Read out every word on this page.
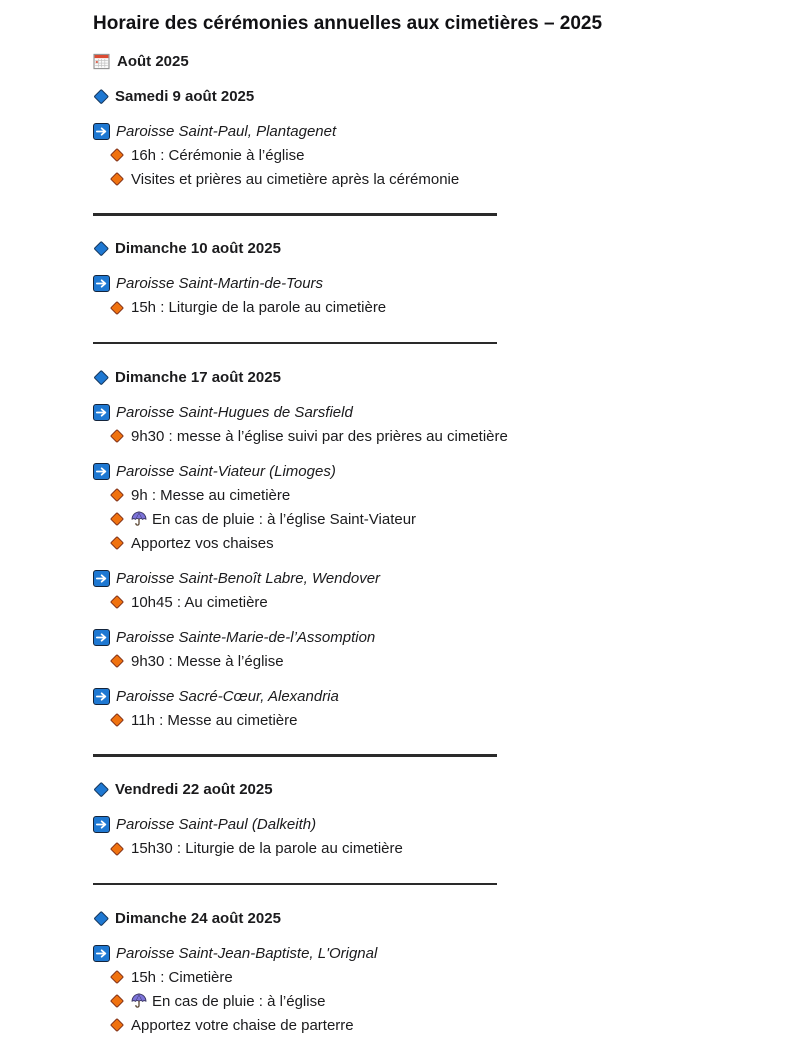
Horaire des cérémonies annuelles aux cimetières – 2025
Août 2025
Samedi 9 août 2025
Paroisse Saint-Paul, Plantagenet
16h : Cérémonie à l’église
Visites et prières au cimetière après la cérémonie
Dimanche 10 août 2025
Paroisse Saint-Martin-de-Tours
15h : Liturgie de la parole au cimetière
Dimanche 17 août 2025
Paroisse Saint-Hugues de Sarsfield
9h30 : messe à l’église suivi par des prières au cimetière
Paroisse Saint-Viateur (Limoges)
9h : Messe au cimetière
En cas de pluie : à l’église Saint-Viateur
Apportez vos chaises
Paroisse Saint-Benoît Labre, Wendover
10h45 : Au cimetière
Paroisse Sainte-Marie-de-l’Assomption
9h30 : Messe à l’église
Paroisse Sacré-Cœur, Alexandria
11h : Messe au cimetière
Vendredi 22 août 2025
Paroisse Saint-Paul (Dalkeith)
15h30 : Liturgie de la parole au cimetière
Dimanche 24 août 2025
Paroisse Saint-Jean-Baptiste, L'Orignal
15h : Cimetière
En cas de pluie : à l’église
Apportez votre chaise de parterre
